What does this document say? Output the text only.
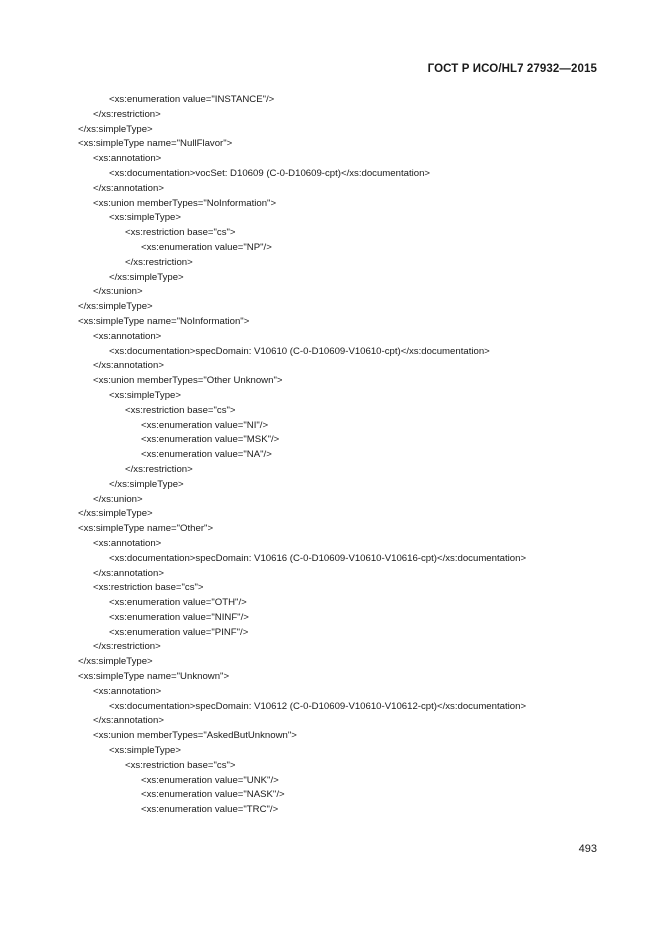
ГОСТ Р ИСО/HL7 27932—2015
<xs:enumeration value="INSTANCE"/>
</xs:restriction>
</xs:simpleType>
<xs:simpleType name="NullFlavor">
<xs:annotation>
<xs:documentation>vocSet: D10609 (C-0-D10609-cpt)</xs:documentation>
</xs:annotation>
<xs:union memberTypes="NoInformation">
<xs:simpleType>
<xs:restriction base="cs">
<xs:enumeration value="NP"/>
</xs:restriction>
</xs:simpleType>
</xs:union>
</xs:simpleType>
<xs:simpleType name="NoInformation">
<xs:annotation>
<xs:documentation>specDomain: V10610 (C-0-D10609-V10610-cpt)</xs:documentation>
</xs:annotation>
<xs:union memberTypes="Other Unknown">
<xs:simpleType>
<xs:restriction base="cs">
<xs:enumeration value="NI"/>
<xs:enumeration value="MSK"/>
<xs:enumeration value="NA"/>
</xs:restriction>
</xs:simpleType>
</xs:union>
</xs:simpleType>
<xs:simpleType name="Other">
<xs:annotation>
<xs:documentation>specDomain: V10616 (C-0-D10609-V10610-V10616-cpt)</xs:documentation>
</xs:annotation>
<xs:restriction base="cs">
<xs:enumeration value="OTH"/>
<xs:enumeration value="NINF"/>
<xs:enumeration value="PINF"/>
</xs:restriction>
</xs:simpleType>
<xs:simpleType name="Unknown">
<xs:annotation>
<xs:documentation>specDomain: V10612 (C-0-D10609-V10610-V10612-cpt)</xs:documentation>
</xs:annotation>
<xs:union memberTypes="AskedButUnknown">
<xs:simpleType>
<xs:restriction base="cs">
<xs:enumeration value="UNK"/>
<xs:enumeration value="NASK"/>
<xs:enumeration value="TRC"/>
493
